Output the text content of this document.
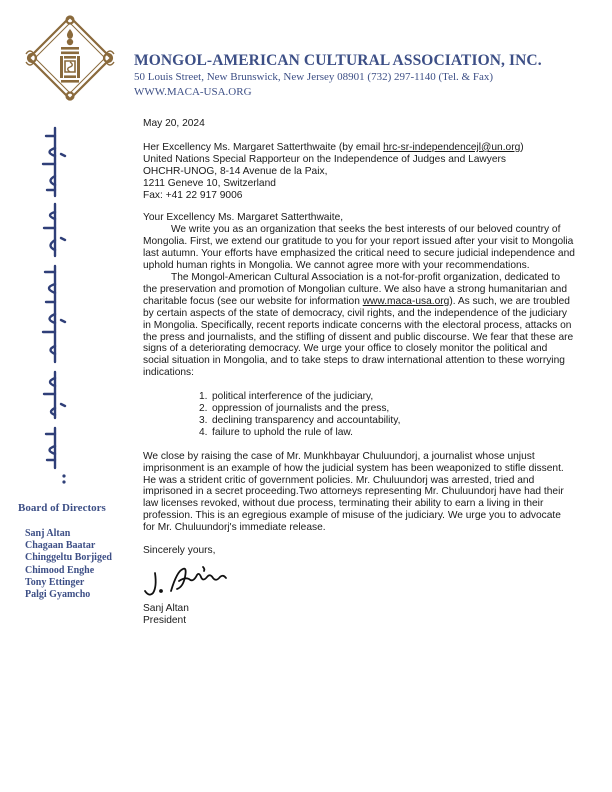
MONGOL-AMERICAN CULTURAL ASSOCIATION, INC.
50 Louis Street, New Brunswick, New Jersey 08901 (732) 297-1140 (Tel. & Fax)
WWW.MACA-USA.ORG
Board of Directors
Sanj Altan
Chagaan Baatar
Chinggeltu Borjiged
Chimood Enghe
Tony Ettinger
Palgi Gyamcho

May 20, 2024

Her Excellency Ms. Margaret Satterthwaite (by email hrc-sr-independencejl@un.org)
United Nations Special Rapporteur on the Independence of Judges and Lawyers
OHCHR-UNOG, 8-14 Avenue de la Paix,
1211 Geneve 10, Switzerland
Fax: +41 22 917 9006

Your Excellency Ms. Margaret Satterthwaite,

We write you as an organization that seeks the best interests of our beloved country of Mongolia. First, we extend our gratitude to you for your report issued after your visit to Mongolia last autumn. Your efforts have emphasized the critical need to secure judicial independence and uphold human rights in Mongolia. We cannot agree more with your recommendations.

The Mongol-American Cultural Association is a not-for-profit organization, dedicated to the preservation and promotion of Mongolian culture. We also have a strong humanitarian and charitable focus (see our website for information www.maca-usa.org). As such, we are troubled by certain aspects of the state of democracy, civil rights, and the independence of the judiciary in Mongolia. Specifically, recent reports indicate concerns with the electoral process, attacks on the press and journalists, and the stifling of dissent and public discourse. We fear that these are signs of a deteriorating democracy. We urge your office to closely monitor the political and social situation in Mongolia, and to take steps to draw international attention to these worrying indications:

1. political interference of the judiciary,
2. oppression of journalists and the press,
3. declining transparency and accountability,
4. failure to uphold the rule of law.

We close by raising the case of Mr. Munkhbayar Chuluundorj, a journalist whose unjust imprisonment is an example of how the judicial system has been weaponized to stifle dissent. He was a strident critic of government policies. Mr. Chuluundorj was arrested, tried and imprisoned in a secret proceeding.Two attorneys representing Mr. Chuluundorj have had their law licenses revoked, without due process, terminating their ability to earn a living in their profession. This is an egregious example of misuse of the judiciary. We urge you to advocate for Mr. Chuluundorj's immediate release.

Sincerely yours,

Sanj Altan

President
